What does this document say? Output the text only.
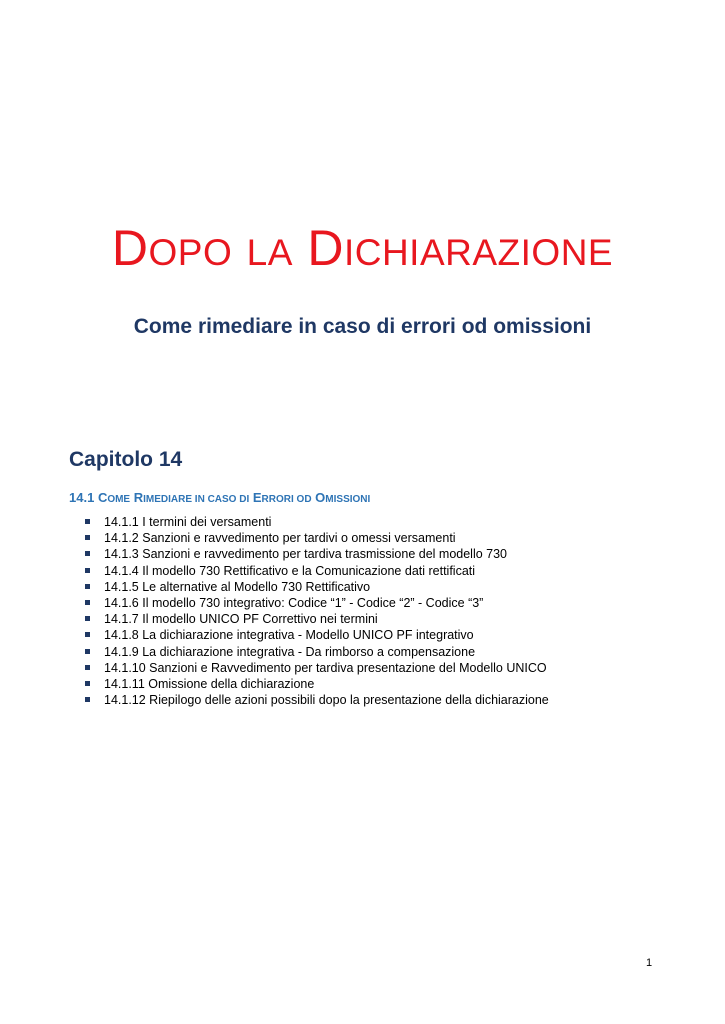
DOPO LA DICHIARAZIONE
Come rimediare in caso di errori od omissioni
Capitolo 14
14.1 COME RIMEDIARE IN CASO DI ERRORI OD OMISSIONI
14.1.1 I termini dei versamenti
14.1.2 Sanzioni e ravvedimento per tardivi o omessi versamenti
14.1.3 Sanzioni e ravvedimento per tardiva trasmissione del modello 730
14.1.4 Il modello 730 Rettificativo e la Comunicazione dati rettificati
14.1.5 Le alternative al Modello 730 Rettificativo
14.1.6 Il modello 730 integrativo: Codice “1” - Codice “2” - Codice “3”
14.1.7 Il modello UNICO PF Correttivo nei termini
14.1.8 La dichiarazione integrativa - Modello UNICO PF integrativo
14.1.9 La dichiarazione integrativa - Da rimborso a compensazione
14.1.10 Sanzioni e Ravvedimento per tardiva presentazione del Modello UNICO
14.1.11 Omissione della dichiarazione
14.1.12 Riepilogo delle azioni possibili dopo la presentazione della dichiarazione
1
